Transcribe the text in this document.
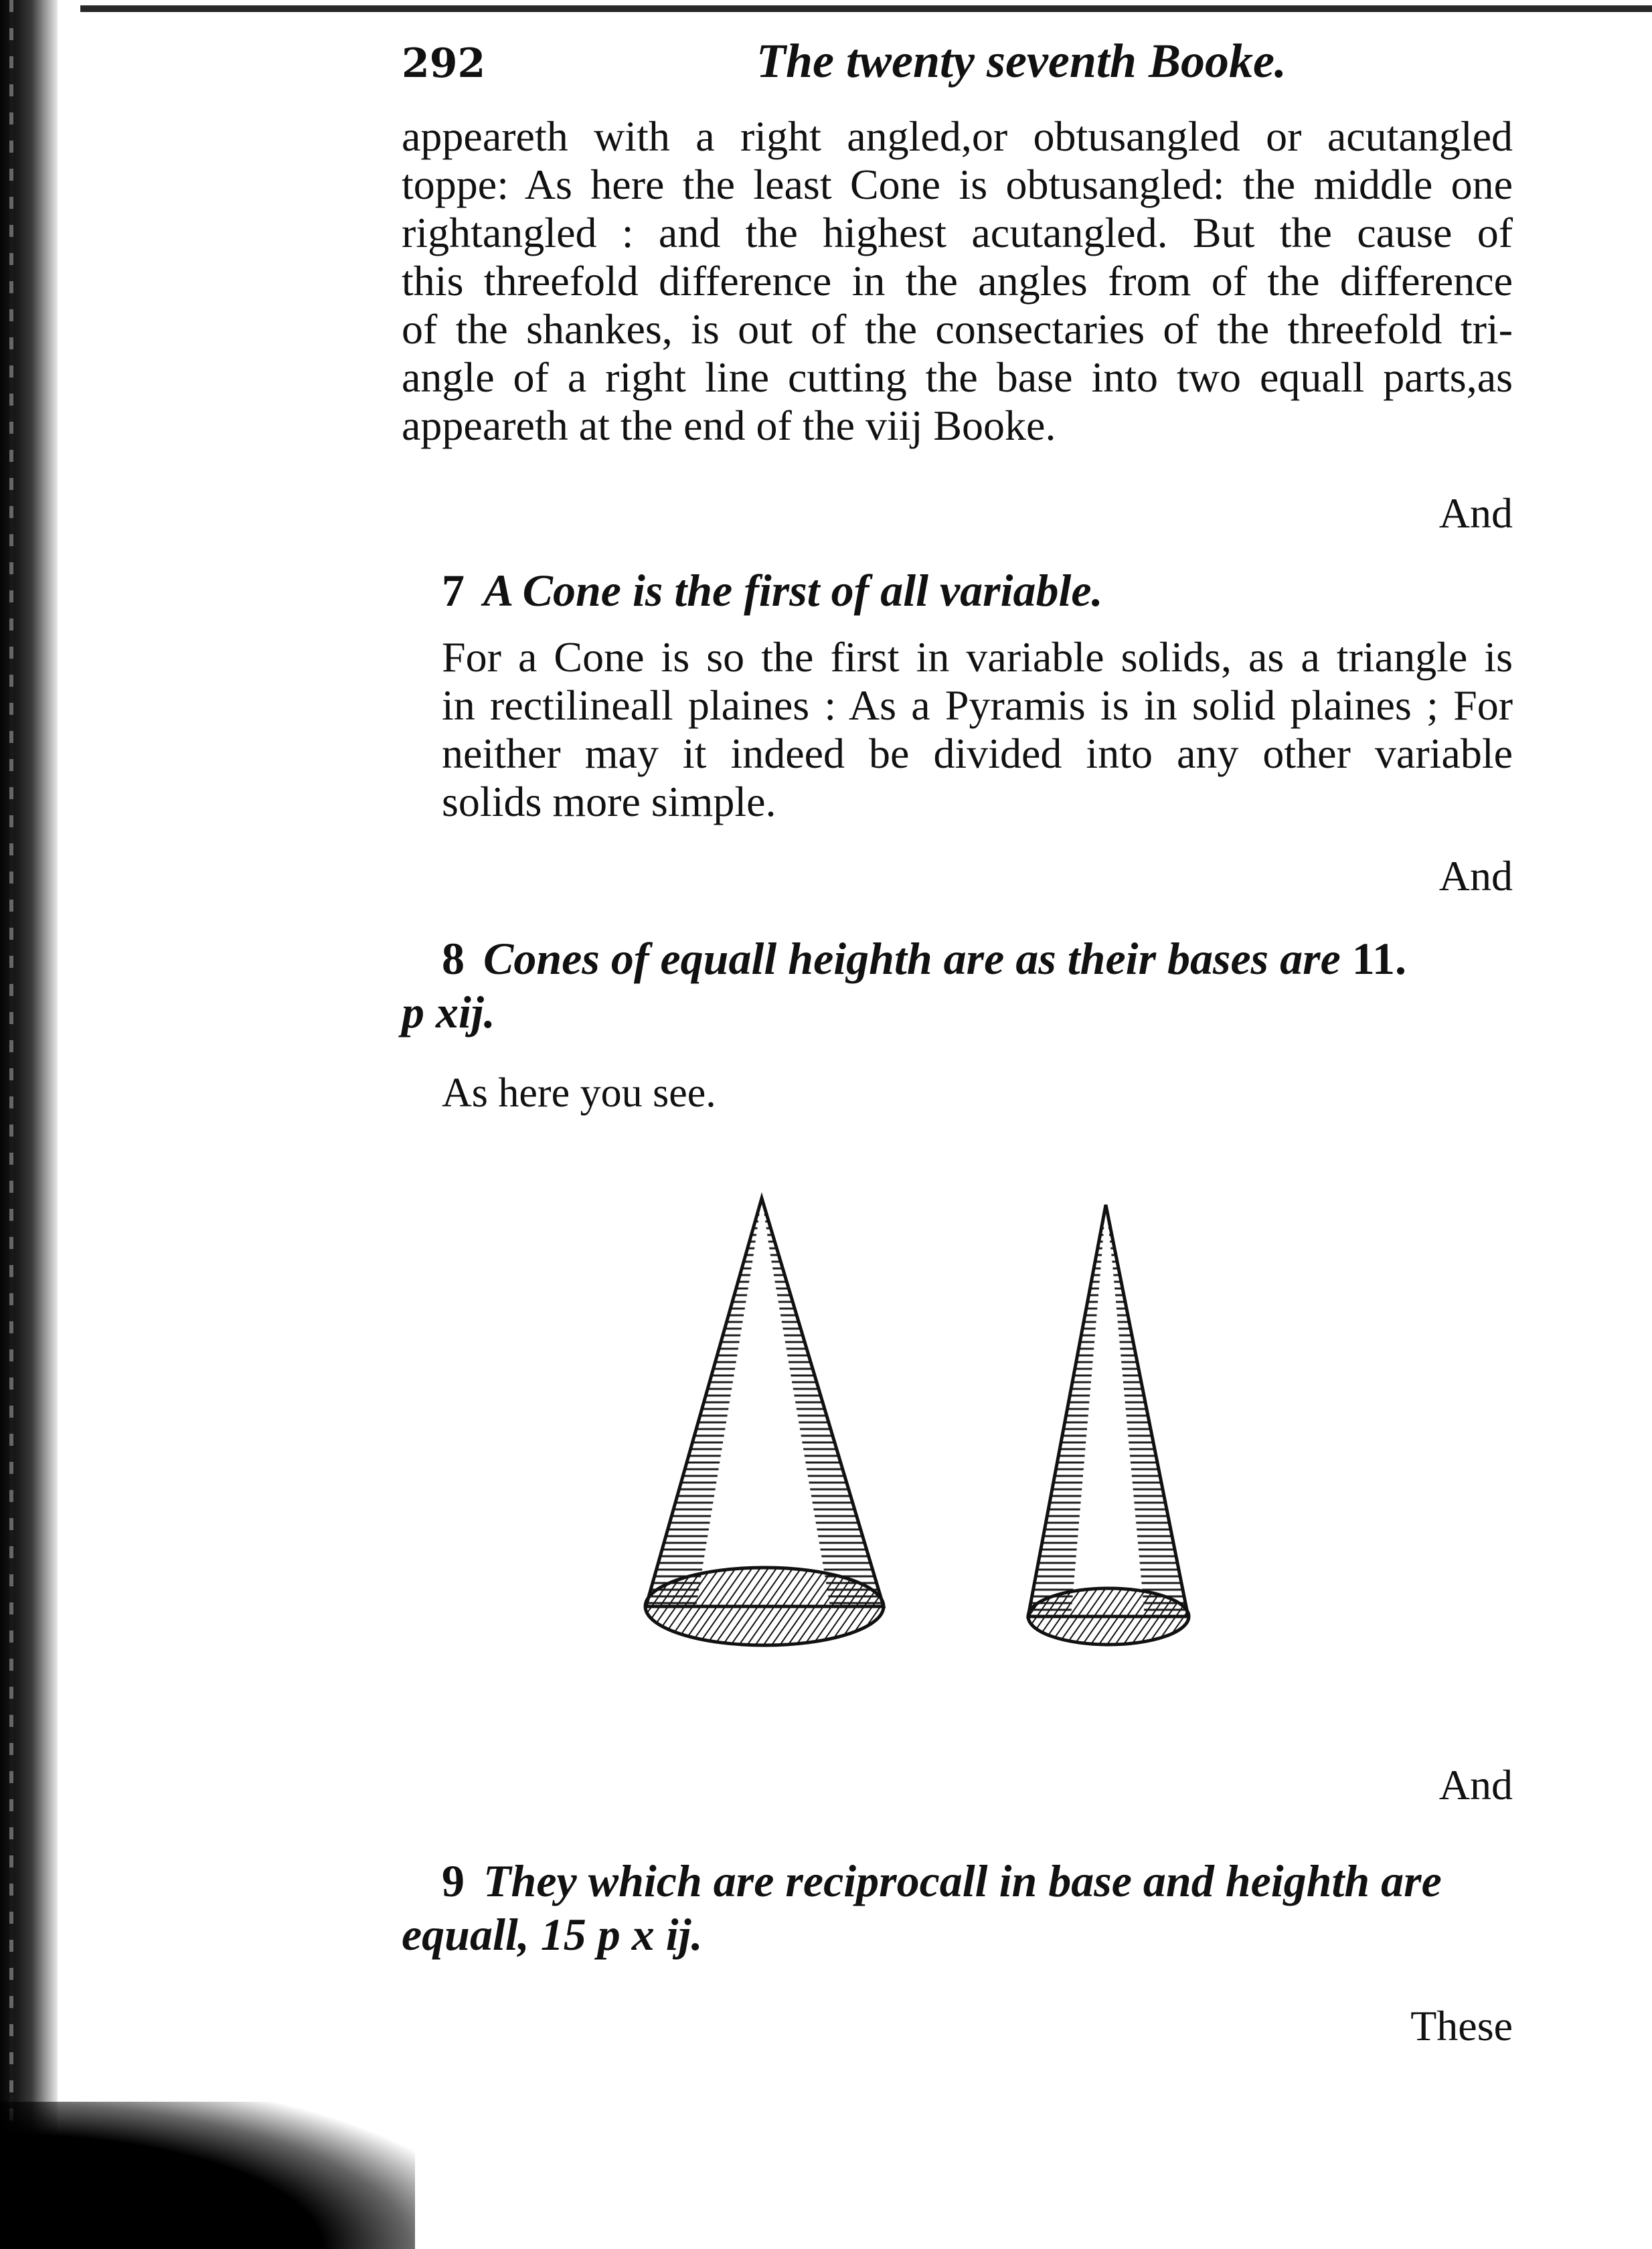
292	The twenty seventh Booke.
appeareth with a right angled,or obtusangled or acutangled
toppe: As here the least Cone is obtusangled: the middle one
rightangled : and the highest acutangled. But the cause of
this threefold difference in the angles from of the difference
of the shankes, is out of the consectaries of the threefold tri-
angle of a right line cutting the base into two equall parts,as
appeareth at the end of the viij Booke.
And
7 A Cone is the first of all variable.
For a Cone is so the first in variable solids, as a triangle is
in rectilineall plaines : As a Pyramis is in solid plaines ; For
neither may it indeed be divided into any other variable
solids more simple.
And
8 Cones of equall heighth are as their bases are 11.
p xij.
As here you see.
And
9 They which are reciprocall in base and heighth are
equall, 15 p x ij.
These
